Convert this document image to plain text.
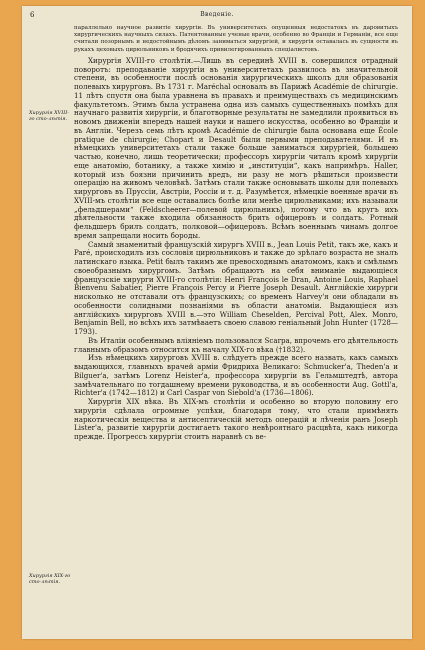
6	Введеніе.
Хирургія XVIII-го сто-лѣтія.
Хирургія XIX-го сто-лѣтія.

параллельно научное развитіе хирургіи. Въ университетахъ опущенныя недостатокъ въ даровитыхъ хирургическихъ научныхъ силахъ. Патентованные ученые врачи, особенно во Франціи и Германіи, все еще считали позорнымъ и недостойнымъ дѣломъ заниматься хирургіей, и хирургія оставалась въ сущности въ рукахъ цеховыхъ цирюльниковъ и бродячихъ привилегированныхъ спеціалистовъ.

Хирургія XVIII-го столѣтія.—Лишь въ серединѣ XVIII в. совершился отрадный поворотъ: преподаваніе хирургіи въ университетахъ развилось въ значительной степени, въ особенности послѣ основанія хирургическихъ школъ для образованія полевыхъ хирурговъ. Въ 1731 г. Maréchal основалъ въ Парижѣ Académie de chirurgie. 11 лѣтъ спустя она была уравнена въ правахъ и преимуществахъ съ медицинскимъ факультетомъ. Этимъ была устранена одна изъ самыхъ существенныхъ помѣхъ для научнаго развитія хирургіи, и благотворные результаты не замедлили проявиться въ новомъ движеніи впередъ нашей науки и нашего искусства, особенно во Франціи и въ Англіи. Черезъ семь лѣтъ кромѣ Académie de chirurgie была основана еще École pratique de chirurgie; Chopart и Desault были первыми преподавателями. И въ нѣмецкихъ университетахъ стали также больше заниматься хирургіей, большею частью, конечно, лишь теоретически; профессоръ хирургіи читалъ кромѣ хирургіи еще анатомію, ботанику, а также химію и „институціи“, какъ напримѣръ. Haller, который изъ боязни причинить вредъ, ни разу не могъ рѣшиться произвести операцію на живомъ человѣкѣ. Затѣмъ стали также основывать школы для полевыхъ хирурговъ въ Пруссіи, Австріи, Россіи и т. д. Разумѣется, нѣмецкіе военные врачи въ XVIII-мъ столѣтіи все еще оставались болѣе или менѣе цирюльниками; ихъ называли „фельдшерами“ (Feldscheerer—полевой цирюльникъ), потому что въ кругъ ихъ дѣятельности также входила обязанность брить офицеровъ и солдатъ. Ротный фельдшеръ брилъ солдатъ, полковой—офицеровъ. Всѣмъ военнымъ чинамъ долгое время запрещали носить бороды.

Самый знаменитый французскій хирургъ XVIII в., Jean Louis Petit, такъ же, какъ и Paré, происходилъ изъ сословія цирюльниковъ и также до зрѣлаго возраста не зналъ латинскаго языка. Petit былъ такимъ же превосходнымъ анатомомъ, какъ и смѣлымъ своеобразнымъ хирургомъ. Затѣмъ обращаютъ на себя вниманіе выдающіеся французскіе хирурги XVIII-го столѣтія: Henri François le Dran, Antoine Louis, Raphael Bienvenu Sabatier, Pierre François Percy и Pierre Joseph Desault. Англійскіе хирурги нисколько не отставали отъ французскихъ; со временъ Harvey'я они обладали въ особенности солидными познаніями въ области анатоміи. Выдающіеся изъ англійскихъ хирурговъ XVIII в.—это William Cheselden, Percival Pott, Alex. Monro, Benjamin Bell, но всѣхъ ихъ затмѣваетъ своею славою геніальный John Hunter (1728—1793).

Въ Италіи особеннымъ вліяніемъ пользовался Scarpa, впрочемъ его дѣятельность главнымъ образомъ относится къ началу XIX-го вѣка (†1832).

Изъ нѣмецкихъ хирурговъ XVIII в. слѣдуетъ прежде всего назвать, какъ самыхъ выдающихся, главныхъ врачей арміи Фридриха Великаго: Schmucker'а, Theden'а и Bilguer'а, затѣмъ Lorenz Heister'а, профессора хирургіи въ Гельмштедтѣ, автора замѣчательнаго по тогдашнему времени руководства, и въ особенности Aug. Gottl'а, Richter'а (1742—1812) и Carl Caspar von Siebold'а (1736—1806).

Хирургія XIX вѣка. Въ XIX-мъ столѣтіи и особенно во вторую половину его хирургія сдѣлала огромные успѣхи, благодаря тому, что стали примѣнять наркотическія вещества и антисептическій методъ операцій и лѣченія ранъ Joseph Lister'а, развитіе хирургіи достигаетъ такого невѣроятнаго расцвѣта, какъ никогда прежде. Прогрессъ хирургіи стоитъ наравнѣ съ ве-
